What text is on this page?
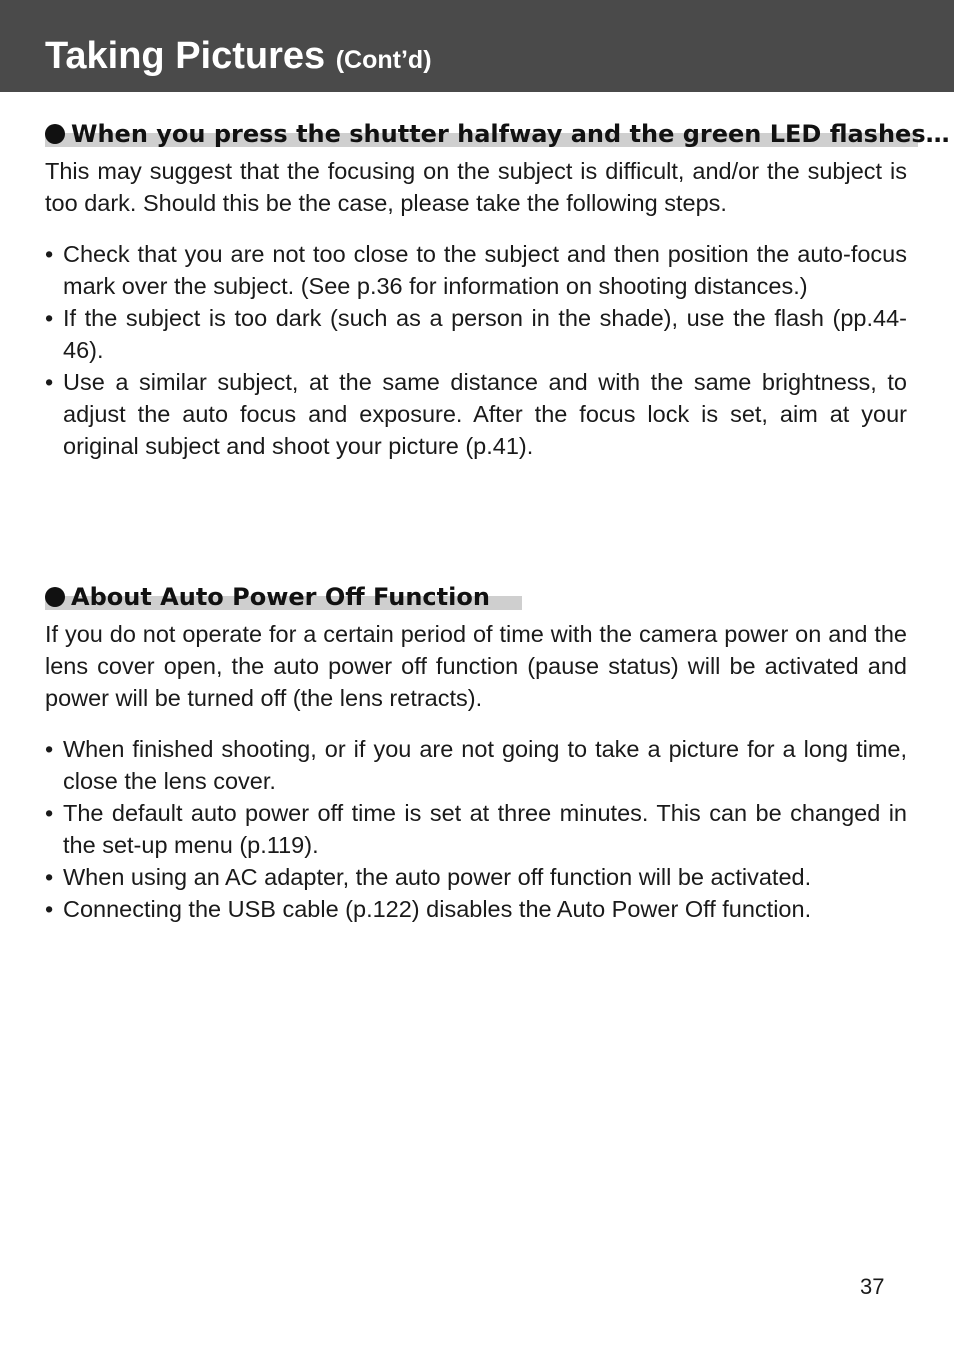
Taking Pictures (Cont’d)
When you press the shutter halfway and the green LED flashes…

This may suggest that the focusing on the subject is difficult, and/or the subject is too dark. Should this be the case, please take the following steps.

• Check that you are not too close to the subject and then position the auto-focus mark over the subject. (See p.36 for information on shooting distances.)
• If the subject is too dark (such as a person in the shade), use the flash (pp.44-46).
• Use a similar subject, at the same distance and with the same brightness, to adjust the auto focus and exposure. After the focus lock is set, aim at your original subject and shoot your picture (p.41).
About Auto Power Off Function

If you do not operate for a certain period of time with the camera power on and the lens cover open, the auto power off function (pause status) will be activated and power will be turned off (the lens retracts).

• When finished shooting, or if you are not going to take a picture for a long time, close the lens cover.
• The default auto power off time is set at three minutes. This can be changed in the set-up menu (p.119).
• When using an AC adapter, the auto power off function will be activated.
• Connecting the USB cable (p.122) disables the Auto Power Off function.
37
